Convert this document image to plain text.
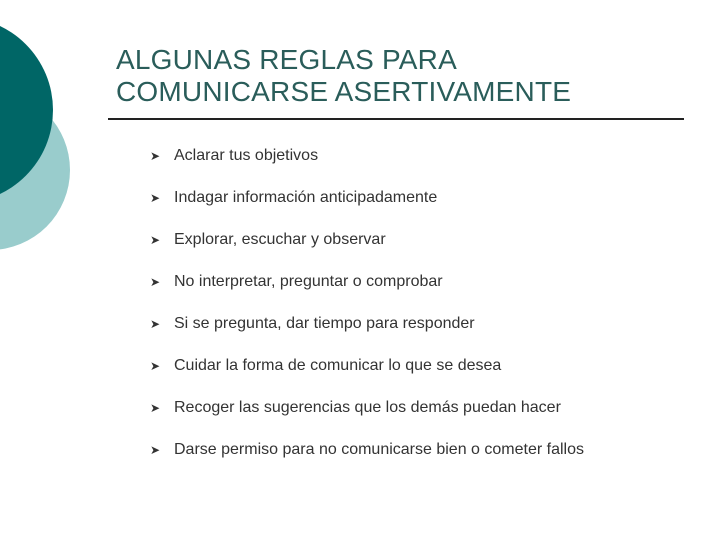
ALGUNAS REGLAS PARA
COMUNICARSE ASERTIVAMENTE
➤ Aclarar tus objetivos
➤ Indagar información anticipadamente
➤ Explorar, escuchar y observar
➤ No interpretar, preguntar o comprobar
➤ Si se pregunta, dar tiempo para responder
➤ Cuidar la forma de comunicar lo que se desea
➤ Recoger las sugerencias que los demás puedan hacer
➤ Darse permiso para no comunicarse bien o cometer fallos
